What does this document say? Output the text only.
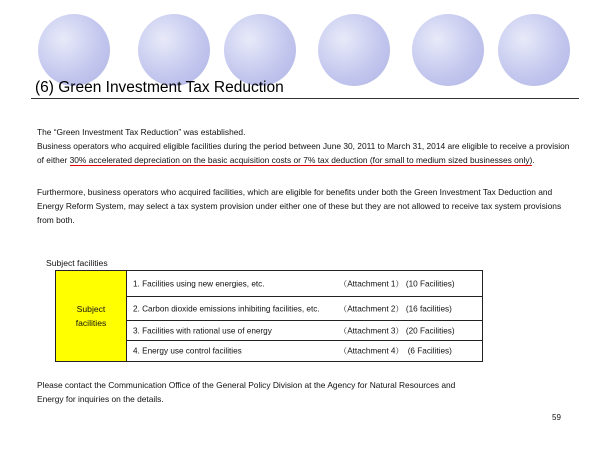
(6) Green Investment Tax Reduction
The “Green Investment Tax Reduction” was established.
Business operators who acquired eligible facilities during the period between June 30, 2011 to March 31, 2014 are eligible to receive a provision
of either 30% accelerated depreciation on the basic acquisition costs or 7% tax deduction (for small to medium sized businesses only).
Furthermore, business operators who acquired facilities, which are eligible for benefits under both the Green Investment Tax Deduction and
Energy Reform System, may select a tax system provision under either one of these but they are not allowed to receive tax system provisions
from both.
Subject facilities
Subject
facilities
1. Facilities using new energies, etc.	（Attachment 1） (10 Facilities)
2. Carbon dioxide emissions inhibiting facilities, etc. （Attachment 2） (16 facilities)
3. Facilities with rational use of energy	（Attachment 3） (20 Facilities)
4. Energy use control facilities	（Attachment 4）　(6 Facilities)
Please contact the Communication Office of the General Policy Division at the Agency for Natural Resources and
Energy for inquiries on the details.
59
